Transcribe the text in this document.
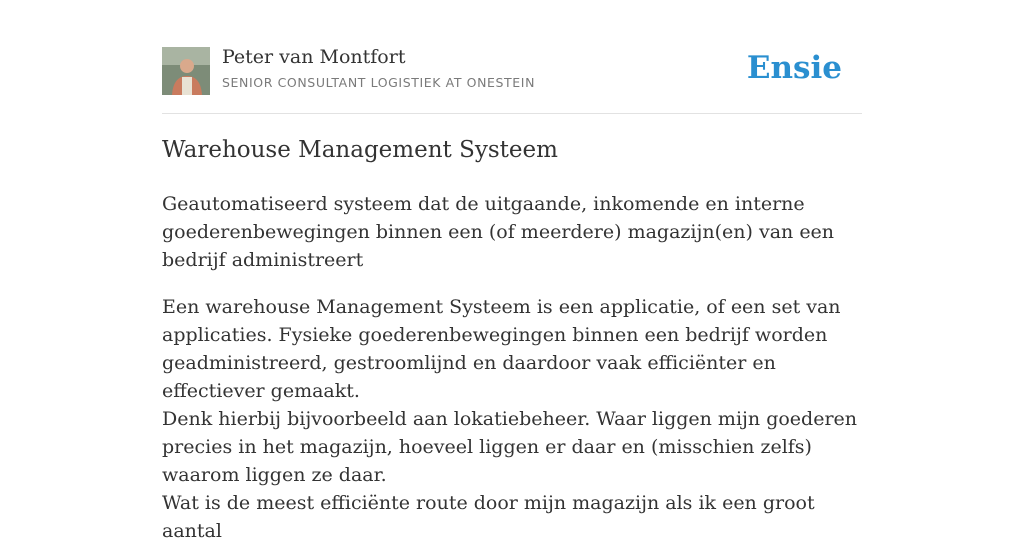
Peter van Montfort
SENIOR CONSULTANT LOGISTIEK AT ONESTEIN	Ensie
Warehouse Management Systeem

Geautomatiseerd systeem dat de uitgaande, inkomende en interne goederenbewegingen binnen een (of meerdere) magazijn(en) van een bedrijf administreert

Een warehouse Management Systeem is een applicatie, of een set van applicaties. Fysieke goederenbewegingen binnen een bedrijf worden geadministreerd, gestroomlijnd en daardoor vaak efficiënter en effectiever gemaakt.
Denk hierbij bijvoorbeeld aan lokatiebeheer. Waar liggen mijn goederen precies in het magazijn, hoeveel liggen er daar en (misschien zelfs) waarom liggen ze daar.
Wat is de meest efficiënte route door mijn magazijn als ik een groot aantal
